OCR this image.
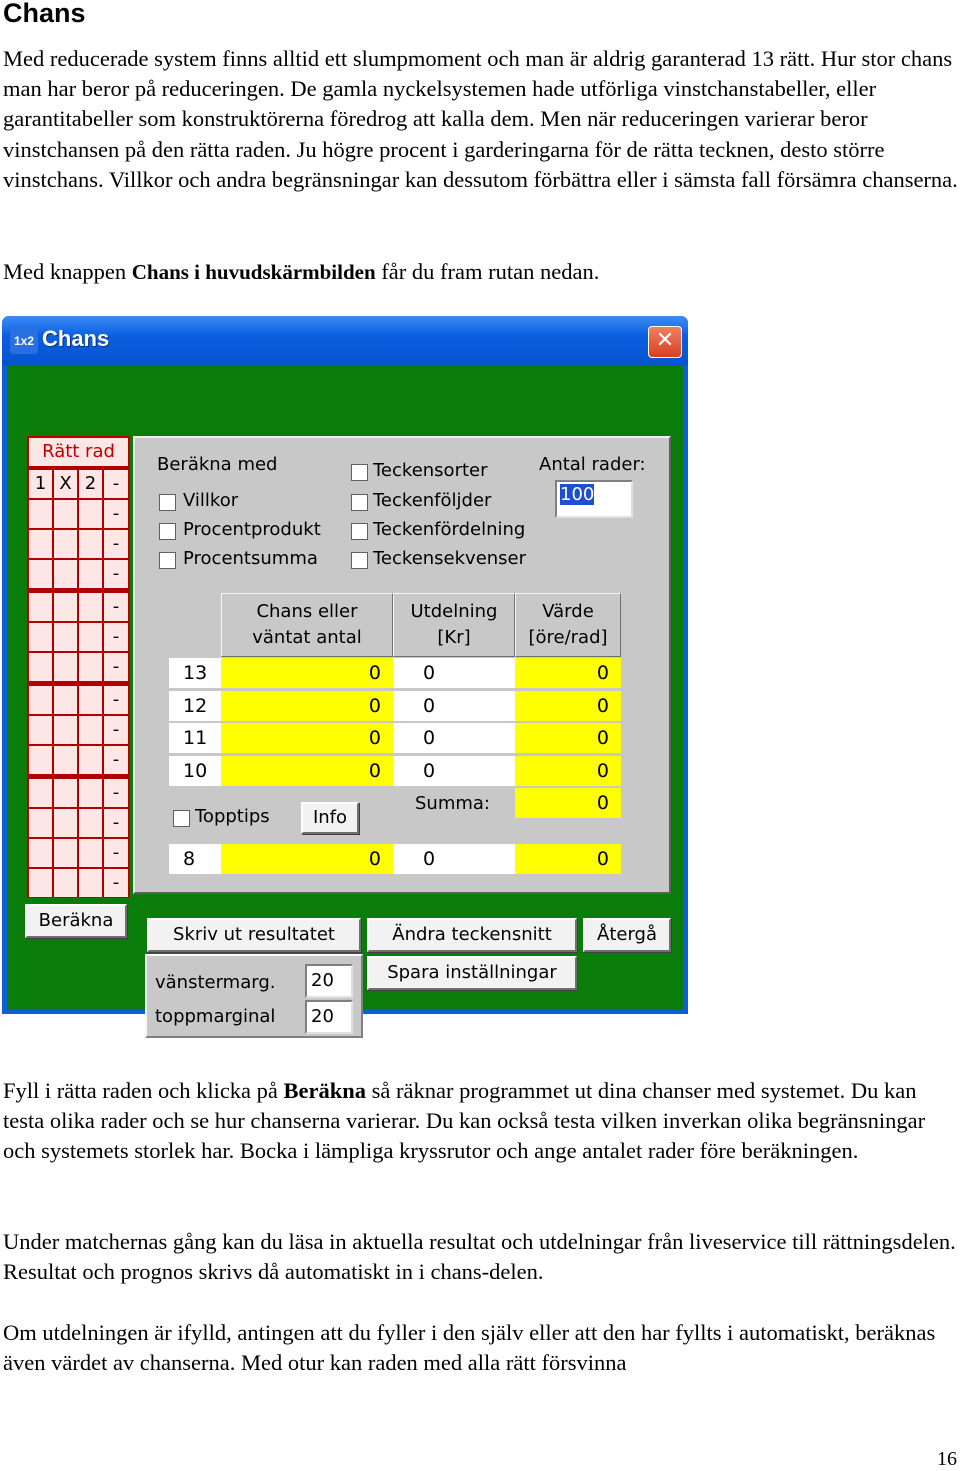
Chans

Med reducerade system finns alltid ett slumpmoment och man är aldrig garanterad 13 rätt. Hur stor chans man har beror på reduceringen. De gamla nyckelsystemen hade utförliga vinstchanstabeller, eller garantitabeller som konstruktörerna föredrog att kalla dem. Men när reduceringen varierar beror vinstchansen på den rätta raden. Ju högre procent i garderingarna för de rätta tecknen, desto större vinstchans. Villkor och andra begränsningar kan dessutom förbättra eller i sämsta fall försämra chanserna.

Med knappen Chans i huvudskärmbilden får du fram rutan nedan.

1x2 Chans	✕
Rätt rad
1 X 2 -
-
-
-
-
-
-
-
-
-
-
-
-
-
Beräkna med
Villkor
Procentprodukt
Procentsumma
Teckensorter
Teckenföljder
Teckenfördelning
Teckensekvenser
Antal rader:
100
Chans eller
väntat antal
Utdelning
[Kr]
Värde
[öre/rad]
13	0	0	0
12	0	0	0
11	0	0	0
10	0	0	0
Summa:	0
Topptips	Info
8	0	0	0
Beräkna
Skriv ut resultatet	Ändra teckensnitt	Återgå
Spara inställningar
vänstermarg.	20
toppmarginal	20

Fyll i rätta raden och klicka på Beräkna så räknar programmet ut dina chanser med systemet. Du kan testa olika rader och se hur chanserna varierar. Du kan också testa vilken inverkan olika begränsningar och systemets storlek har. Bocka i lämpliga kryssrutor och ange antalet rader före beräkningen.

Under matchernas gång kan du läsa in aktuella resultat och utdelningar från liveservice till rättningsdelen. Resultat och prognos skrivs då automatiskt in i chans-delen.

Om utdelningen är ifylld, antingen att du fyller i den själv eller att den har fyllts i automatiskt, beräknas även värdet av chanserna. Med otur kan raden med alla rätt försvinna

16
